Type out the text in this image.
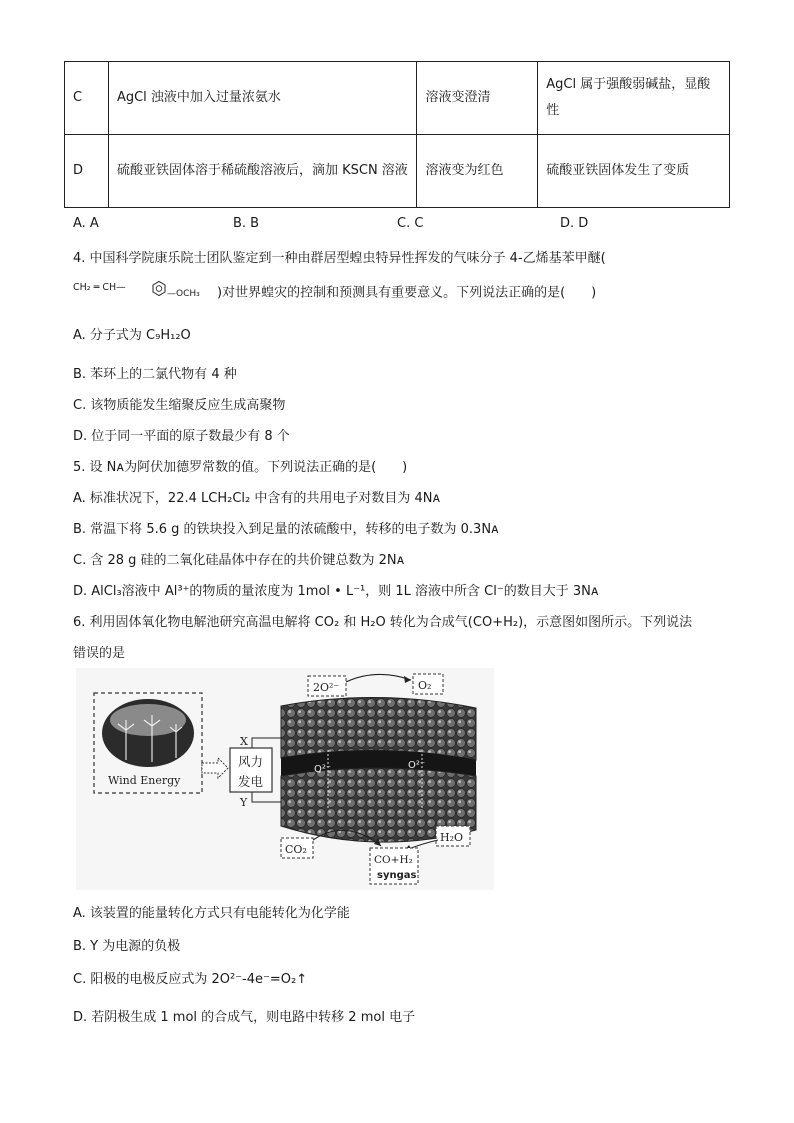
C	AgCl 浊液中加入过量浓氨水	溶液变澄清	AgCl 属于强酸弱碱盐，显酸性
D	硫酸亚铁固体溶于稀硫酸溶液后，滴加 KSCN 溶液	溶液变为红色	硫酸亚铁固体发生了变质
A. A	B. B	C. C	D. D
4. 中国科学院康乐院士团队鉴定到一种由群居型蝗虫特异性挥发的气味分子 4-乙烯基苯甲醚(
CH₂ ═ CH—
—OCH₃ )对世界蝗灾的控制和预测具有重要意义。下列说法正确的是(　　)
A. 分子式为 C₉H₁₂O
B. 苯环上的二氯代物有 4 种
C. 该物质能发生缩聚反应生成高聚物
D. 位于同一平面的原子数最少有 8 个
5. 设 Nᴀ为阿伏加德罗常数的值。下列说法正确的是(　　)
A. 标准状况下，22.4 LCH₂Cl₂ 中含有的共用电子对数目为 4Nᴀ
B. 常温下将 5.6 g 的铁块投入到足量的浓硫酸中，转移的电子数为 0.3Nᴀ
C. 含 28 g 硅的二氧化硅晶体中存在的共价键总数为 2Nᴀ
D. AlCl₃溶液中 Al³⁺的物质的量浓度为 1mol • L⁻¹，则 1L 溶液中所含 Cl⁻的数目大于 3Nᴀ
6. 利用固体氧化物电解池研究高温电解将 CO₂ 和 H₂O 转化为合成气(CO+H₂)，示意图如图所示。下列说法
错误的是
Wind Energy
风力
发电
X
Y
O²⁻	O²⁻
2O²⁻	O₂
CO₂
H₂O
CO+H₂
syngas
A. 该装置的能量转化方式只有电能转化为化学能
B. Y 为电源的负极
C. 阳极的电极反应式为 2O²⁻-4e⁻=O₂↑
D. 若阴极生成 1 mol 的合成气，则电路中转移 2 mol 电子
